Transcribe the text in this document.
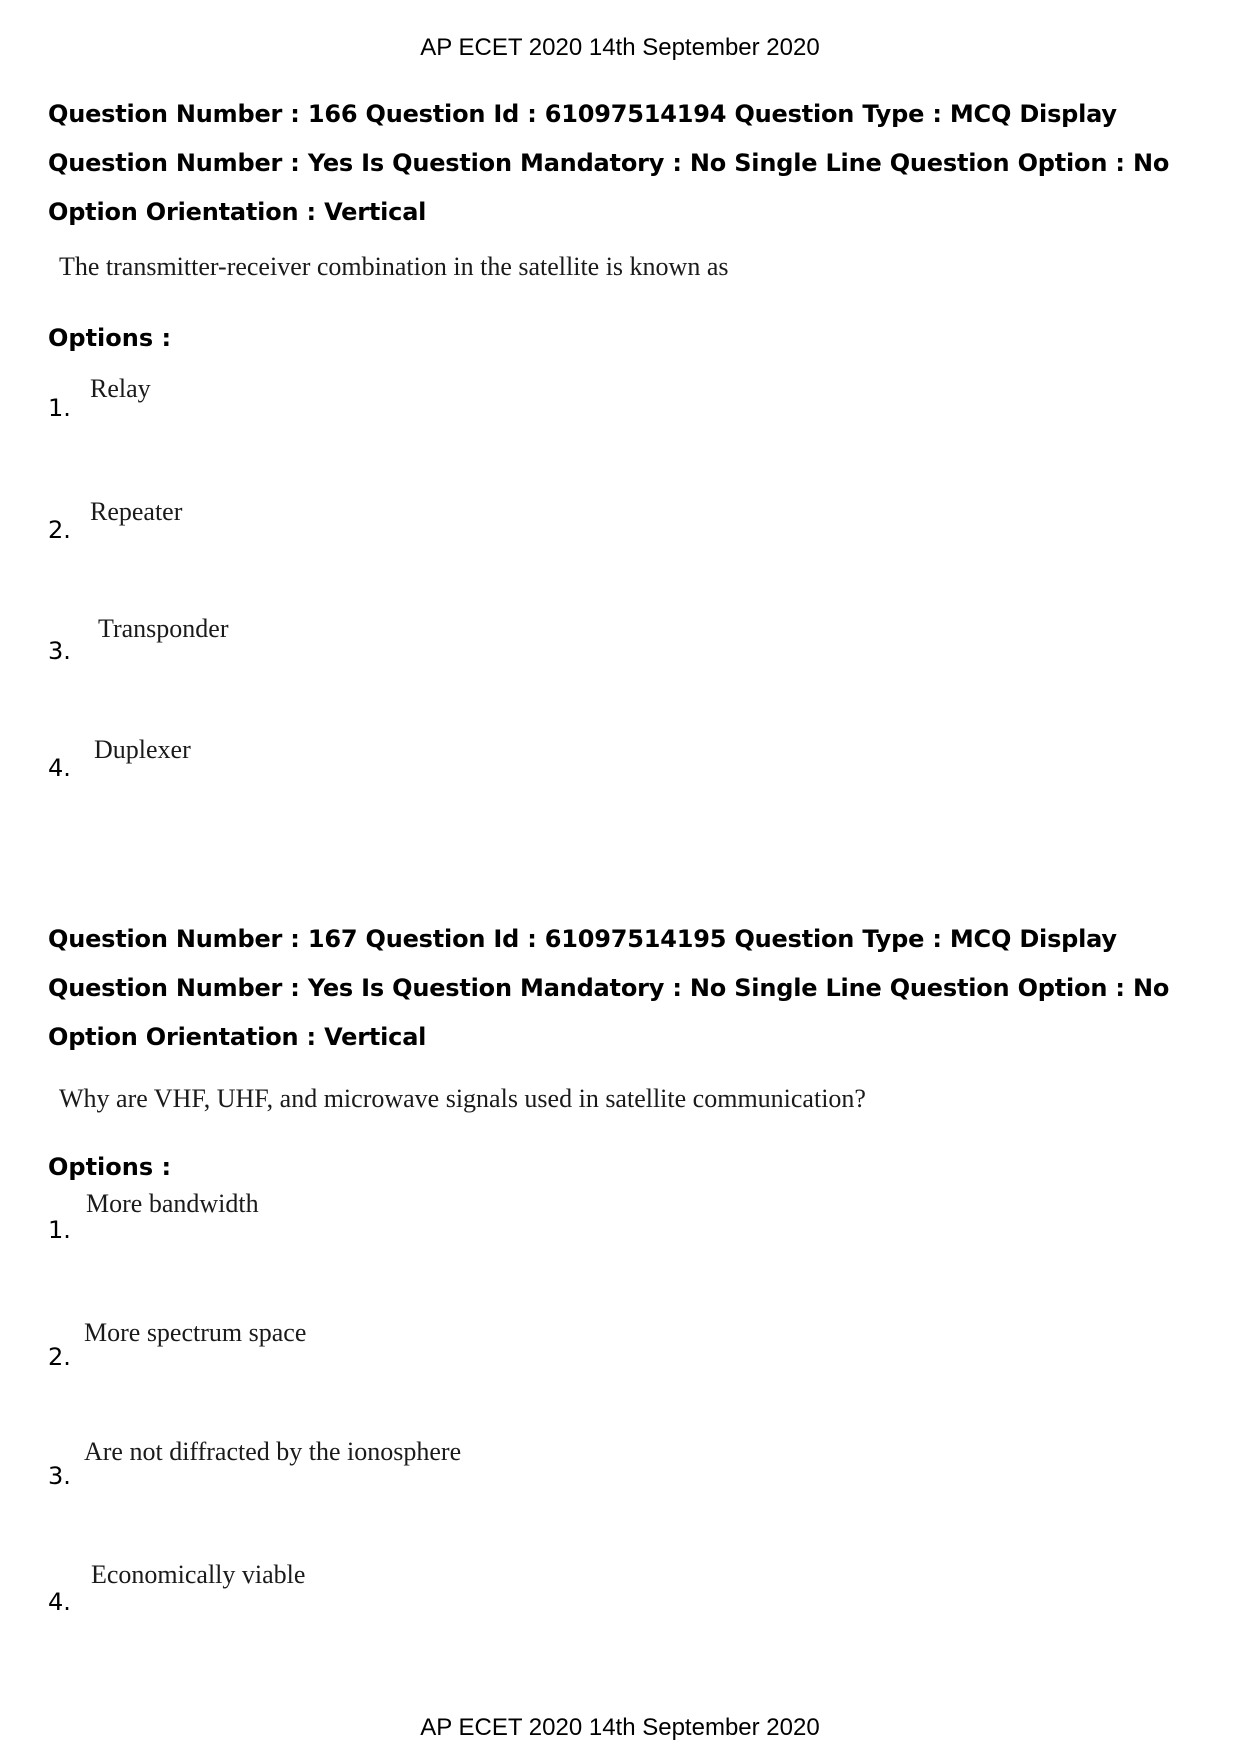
AP ECET 2020 14th September 2020
Question Number : 166 Question Id : 61097514194 Question Type : MCQ Display Question Number : Yes Is Question Mandatory : No Single Line Question Option : No Option Orientation : Vertical
The transmitter-receiver combination in the satellite is known as
Options :
1.
Relay
2.
Repeater
3.
Transponder
4.
Duplexer
Question Number : 167 Question Id : 61097514195 Question Type : MCQ Display Question Number : Yes Is Question Mandatory : No Single Line Question Option : No Option Orientation : Vertical
Why are VHF, UHF, and microwave signals used in satellite communication?
Options :
1.
More bandwidth
2.
More spectrum space
3.
Are not diffracted by the ionosphere
4.
Economically viable
AP ECET 2020 14th September 2020
